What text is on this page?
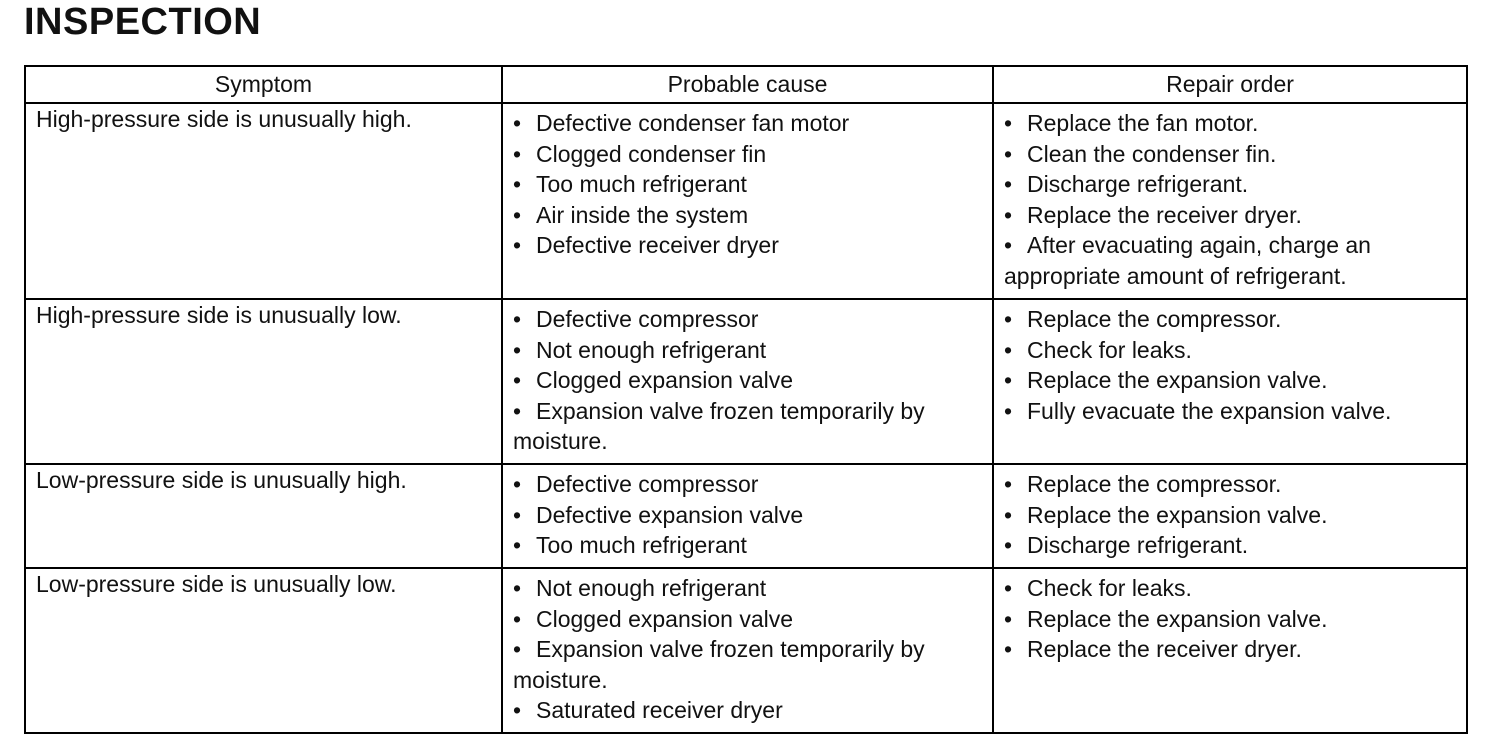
INSPECTION
Symptom	Probable cause	Repair order
High-pressure side is unusually high.	• Defective condenser fan motor
• Clogged condenser fin
• Too much refrigerant
• Air inside the system
• Defective receiver dryer	• Replace the fan motor.
• Clean the condenser fin.
• Discharge refrigerant.
• Replace the receiver dryer.
• After evacuating again, charge an appropriate amount of refrigerant.

High-pressure side is unusually low.	• Defective compressor
• Not enough refrigerant
• Clogged expansion valve
• Expansion valve frozen temporarily by moisture.	• Replace the compressor.
• Check for leaks.
• Replace the expansion valve.
• Fully evacuate the expansion valve.

Low-pressure side is unusually high.	• Defective compressor
• Defective expansion valve
• Too much refrigerant	• Replace the compressor.
• Replace the expansion valve.
• Discharge refrigerant.

Low-pressure side is unusually low.	• Not enough refrigerant
• Clogged expansion valve
• Expansion valve frozen temporarily by moisture.
• Saturated receiver dryer	• Check for leaks.
• Replace the expansion valve.
• Replace the receiver dryer.
